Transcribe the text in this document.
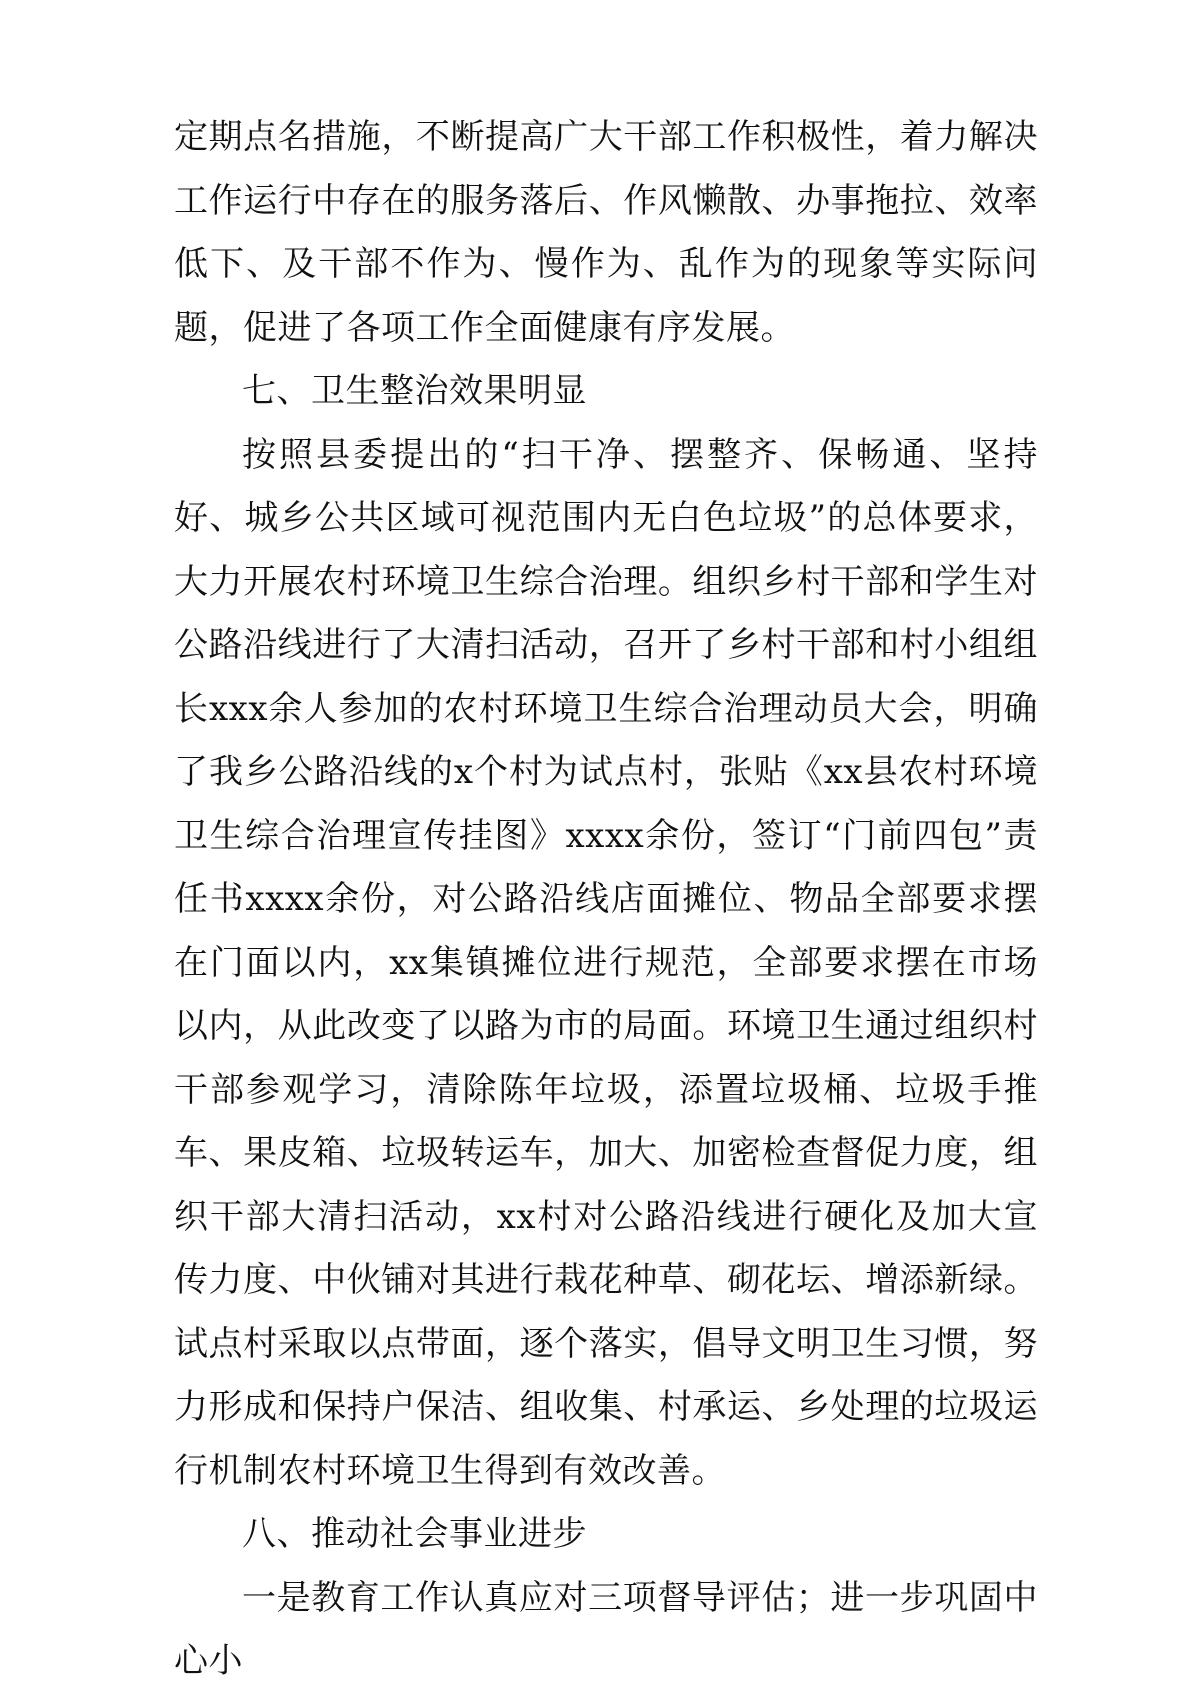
定期点名措施，不断提高广大干部工作积极性，着力解决工作运行中存在的服务落后、作风懒散、办事拖拉、效率低下、及干部不作为、慢作为、乱作为的现象等实际问题，促进了各项工作全面健康有序发展。

七、卫生整治效果明显

按照县委提出的“扫干净、摆整齐、保畅通、坚持好、城乡公共区域可视范围内无白色垃圾”的总体要求，大力开展农村环境卫生综合治理。组织乡村干部和学生对公路沿线进行了大清扫活动，召开了乡村干部和村小组组长xxx余人参加的农村环境卫生综合治理动员大会，明确了我乡公路沿线的x个村为试点村，张贴《xx县农村环境卫生综合治理宣传挂图》xxxx余份，签订“门前四包”责任书xxxx余份，对公路沿线店面摊位、物品全部要求摆在门面以内，xx集镇摊位进行规范，全部要求摆在市场以内，从此改变了以路为市的局面。环境卫生通过组织村干部参观学习，清除陈年垃圾，添置垃圾桶、垃圾手推车、果皮箱、垃圾转运车，加大、加密检查督促力度，组织干部大清扫活动，xx村对公路沿线进行硬化及加大宣传力度、中伙铺对其进行栽花种草、砌花坛、增添新绿。试点村采取以点带面，逐个落实，倡导文明卫生习惯，努力形成和保持户保洁、组收集、村承运、乡处理的垃圾运行机制农村环境卫生得到有效改善。

八、推动社会事业进步

一是教育工作认真应对三项督导评估；进一步巩固中心小
